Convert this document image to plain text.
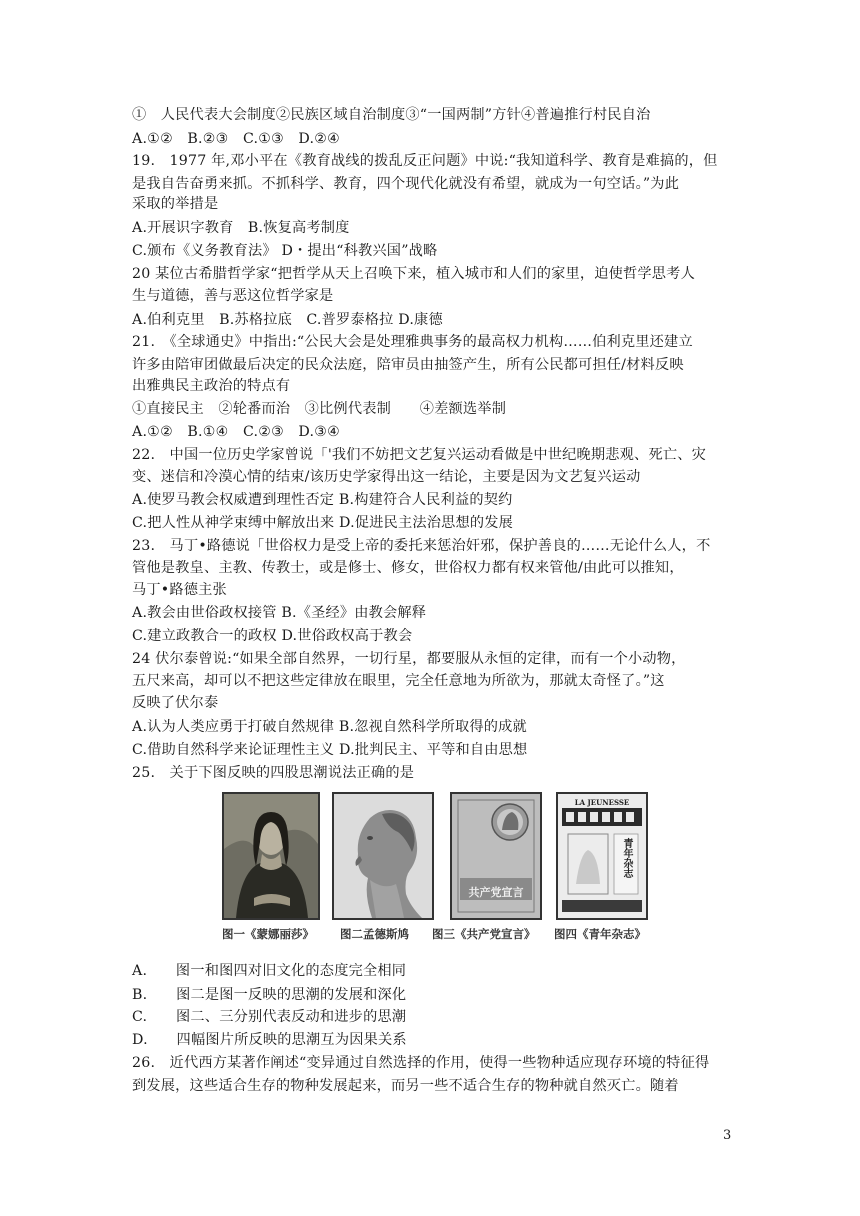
①　人民代表大会制度②民族区域自治制度③“一国两制”方针④普遍推行村民自治
A.①②　B.②③　C.①③　D.②④
19.　1977 年,邓小平在《教育战线的拨乱反正问题》中说:“我知道科学、教育是难搞的，但
是我自告奋勇来抓。不抓科学、教育，四个现代化就没有希望，就成为一句空话。”为此
采取的举措是
A.开展识字教育　B.恢复高考制度
C.颁布《义务教育法》 D・提出“科教兴国”战略
20 某位古希腊哲学家“把哲学从天上召唤下来，植入城市和人们的家里，迫使哲学思考人
生与道德，善与恶这位哲学家是
A.伯利克里　B.苏格拉底　C.普罗泰格拉 D.康德
21.　《全球通史》中指出:“公民大会是处理雅典事务的最高权力机构……伯利克里还建立
许多由陪审团做最后决定的民众法庭，陪审员由抽签产生，所有公民都可担任/材料反映
出雅典民主政治的特点有
①直接民主　②轮番而治　③比例代表制　　④差额选举制
A.①②　B.①④　C.②③　D.③④
22.　中国一位历史学家曾说「'我们不妨把文艺复兴运动看做是中世纪晚期悲观、死亡、灾
变、迷信和冷漠心情的结束/该历史学家得出这一结论，主要是因为文艺复兴运动
A.使罗马教会权威遭到理性否定 B.构建符合人民利益的契约
C.把人性从神学束缚中解放出来 D.促进民主法治思想的发展
23.　马丁•路德说「世俗权力是受上帝的委托来惩治奸邪，保护善良的……无论什么人，不
管他是教皇、主教、传教士，或是修士、修女，世俗权力都有权来管他/由此可以推知，
马丁•路德主张
A.教会由世俗政权接管 B.《圣经》由教会解释
C.建立政教合一的政权 D.世俗政权高于教会
24 伏尔泰曾说:“如果全部自然界，一切行星，都要服从永恒的定律，而有一个小动物，
五尺来高，却可以不把这些定律放在眼里，完全任意地为所欲为，那就太奇怪了。”这
反映了伏尔泰
A.认为人类应勇于打破自然规律 B.忽视自然科学所取得的成就
C.借助自然科学来论证理性主义 D.批判民主、平等和自由思想
25.　关于下图反映的四股思潮说法正确的是
共产党宣言
LA JEUNESSE
青年杂志
图一《蒙娜丽莎》 图二孟德斯鸠 图三《共产党宣言》 图四《青年杂志》
A.　　图一和图四对旧文化的态度完全相同
B.　　图二是图一反映的思潮的发展和深化
C.　　图二、三分别代表反动和进步的思潮
D.　　四幅图片所反映的思潮互为因果关系
26.　近代西方某著作阐述“变异通过自然选择的作用，使得一些物种适应现存环境的特征得
到发展，这些适合生存的物种发展起来，而另一些不适合生存的物种就自然灭亡。随着
3
